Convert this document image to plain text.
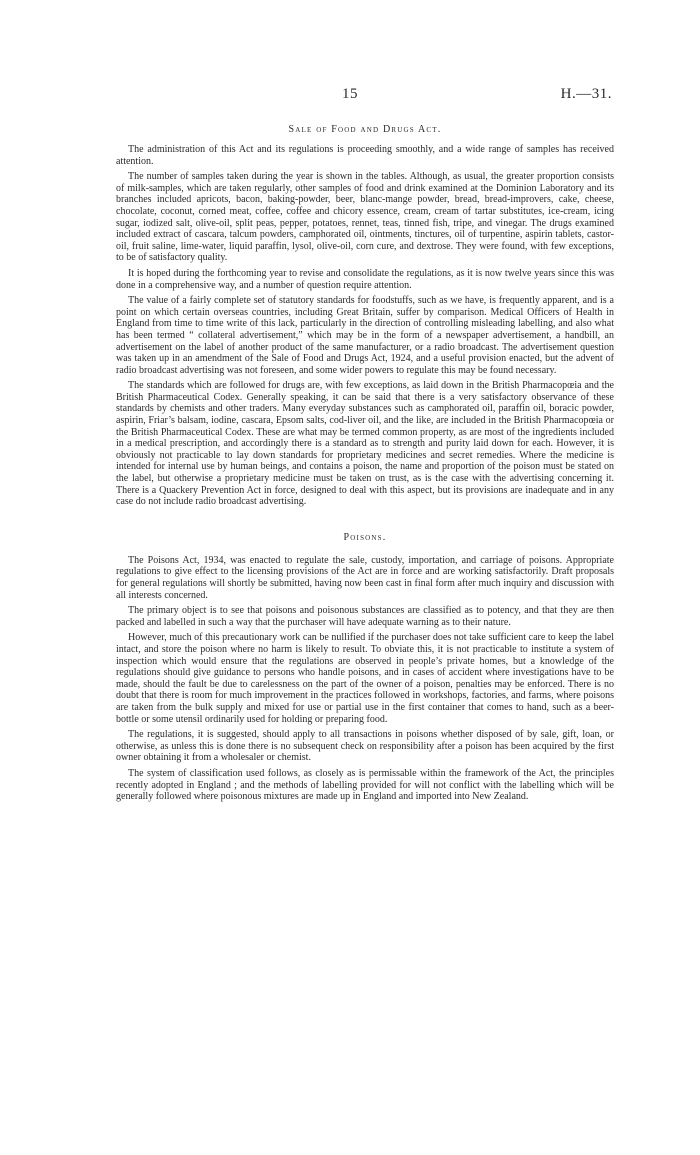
15	H.—31.
Sale of Food and Drugs Act.

The administration of this Act and its regulations is proceeding smoothly, and a wide range of samples has received attention.

The number of samples taken during the year is shown in the tables. Although, as usual, the greater proportion consists of milk-samples, which are taken regularly, other samples of food and drink examined at the Dominion Laboratory and its branches included apricots, bacon, baking-powder, beer, blanc-mange powder, bread, bread-improvers, cake, cheese, chocolate, coconut, corned meat, coffee, coffee and chicory essence, cream, cream of tartar substitutes, ice-cream, icing sugar, iodized salt, olive-oil, split peas, pepper, potatoes, rennet, teas, tinned fish, tripe, and vinegar. The drugs examined included extract of cascara, talcum powders, camphorated oil, ointments, tinctures, oil of turpentine, aspirin tablets, castor-oil, fruit saline, lime-water, liquid paraffin, lysol, olive-oil, corn cure, and dextrose. They were found, with few exceptions, to be of satisfactory quality.

It is hoped during the forthcoming year to revise and consolidate the regulations, as it is now twelve years since this was done in a comprehensive way, and a number of question require attention.

The value of a fairly complete set of statutory standards for foodstuffs, such as we have, is frequently apparent, and is a point on which certain overseas countries, including Great Britain, suffer by comparison. Medical Officers of Health in England from time to time write of this lack, particularly in the direction of controlling misleading labelling, and also what has been termed “ collateral advertisement,” which may be in the form of a newspaper advertisement, a handbill, an advertisement on the label of another product of the same manufacturer, or a radio broadcast. The advertisement question was taken up in an amendment of the Sale of Food and Drugs Act, 1924, and a useful provision enacted, but the advent of radio broadcast advertising was not foreseen, and some wider powers to regulate this may be found necessary.

The standards which are followed for drugs are, with few exceptions, as laid down in the British Pharmacopœia and the British Pharmaceutical Codex. Generally speaking, it can be said that there is a very satisfactory observance of these standards by chemists and other traders. Many everyday substances such as camphorated oil, paraffin oil, boracic powder, aspirin, Friar’s balsam, iodine, cascara, Epsom salts, cod-liver oil, and the like, are included in the British Pharmacopœia or the British Pharmaceutical Codex. These are what may be termed common property, as are most of the ingredients included in a medical prescription, and accordingly there is a standard as to strength and purity laid down for each. However, it is obviously not practicable to lay down standards for proprietary medicines and secret remedies. Where the medicine is intended for internal use by human beings, and contains a poison, the name and proportion of the poison must be stated on the label, but otherwise a proprietary medicine must be taken on trust, as is the case with the advertising concerning it. There is a Quackery Prevention Act in force, designed to deal with this aspect, but its provisions are inadequate and in any case do not include radio broadcast advertising.

Poisons.

The Poisons Act, 1934, was enacted to regulate the sale, custody, importation, and carriage of poisons. Appropriate regulations to give effect to the licensing provisions of the Act are in force and are working satisfactorily. Draft proposals for general regulations will shortly be submitted, having now been cast in final form after much inquiry and discussion with all interests concerned.

The primary object is to see that poisons and poisonous substances are classified as to potency, and that they are then packed and labelled in such a way that the purchaser will have adequate warning as to their nature.

However, much of this precautionary work can be nullified if the purchaser does not take sufficient care to keep the label intact, and store the poison where no harm is likely to result. To obviate this, it is not practicable to institute a system of inspection which would ensure that the regulations are observed in people’s private homes, but a knowledge of the regulations should give guidance to persons who handle poisons, and in cases of accident where investigations have to be made, should the fault be due to carelessness on the part of the owner of a poison, penalties may be enforced. There is no doubt that there is room for much improvement in the practices followed in workshops, factories, and farms, where poisons are taken from the bulk supply and mixed for use or partial use in the first container that comes to hand, such as a beer-bottle or some utensil ordinarily used for holding or preparing food.

The regulations, it is suggested, should apply to all transactions in poisons whether disposed of by sale, gift, loan, or otherwise, as unless this is done there is no subsequent check on responsibility after a poison has been acquired by the first owner obtaining it from a wholesaler or chemist.

The system of classification used follows, as closely as is permissable within the framework of the Act, the principles recently adopted in England ; and the methods of labelling provided for will not conflict with the labelling which will be generally followed where poisonous mixtures are made up in England and imported into New Zealand.
